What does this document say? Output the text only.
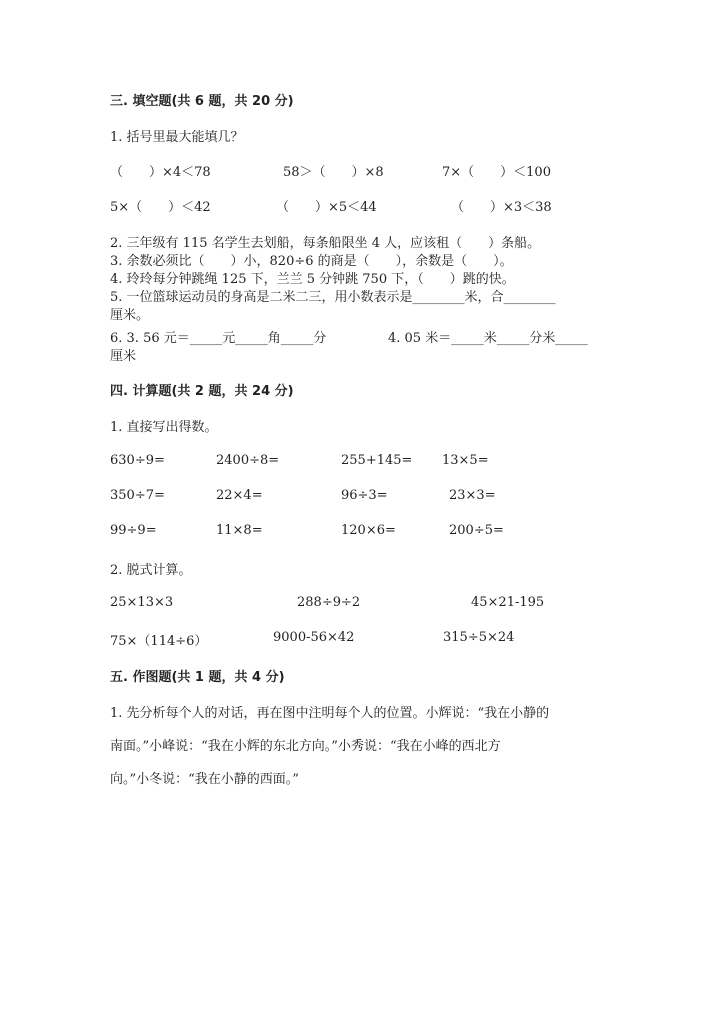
三. 填空题(共 6 题，共 20 分)
1. 括号里最大能填几？
（　　）×4＜78	58＞（　　）×8	7×（　　）＜100
5×（　　）＜42	（　　）×5＜44	（　　）×3＜38
2. 三年级有 115 名学生去划船，每条船限坐 4 人，应该租（　　）条船。
3. 余数必须比（　　）小，820÷6 的商是（　　），余数是（　　）。
4. 玲玲每分钟跳绳 125 下，兰兰 5 分钟跳 750 下，（　　）跳的快。
5. 一位篮球运动员的身高是二米二三，用小数表示是________米，合________
厘米。
6. 3. 56 元＝_____元_____角_____分	4. 05 米＝_____米_____分米_____
厘米
四. 计算题(共 2 题，共 24 分)
1. 直接写出得数。
630÷9=	2400÷8=	255+145= 13×5=
350÷7=	22×4=	96÷3=	23×3=
99÷9=	11×8=	120×6=	200÷5=
2. 脱式计算。
25×13×3	288÷9÷2	45×21-195
75×（114÷6）	9000-56×42	315÷5×24
五. 作图题(共 1 题，共 4 分)
1. 先分析每个人的对话，再在图中注明每个人的位置。小辉说：“我在小静的
南面。”小峰说：“我在小辉的东北方向。”小秀说：“我在小峰的西北方
向。”小冬说：“我在小静的西面。”
